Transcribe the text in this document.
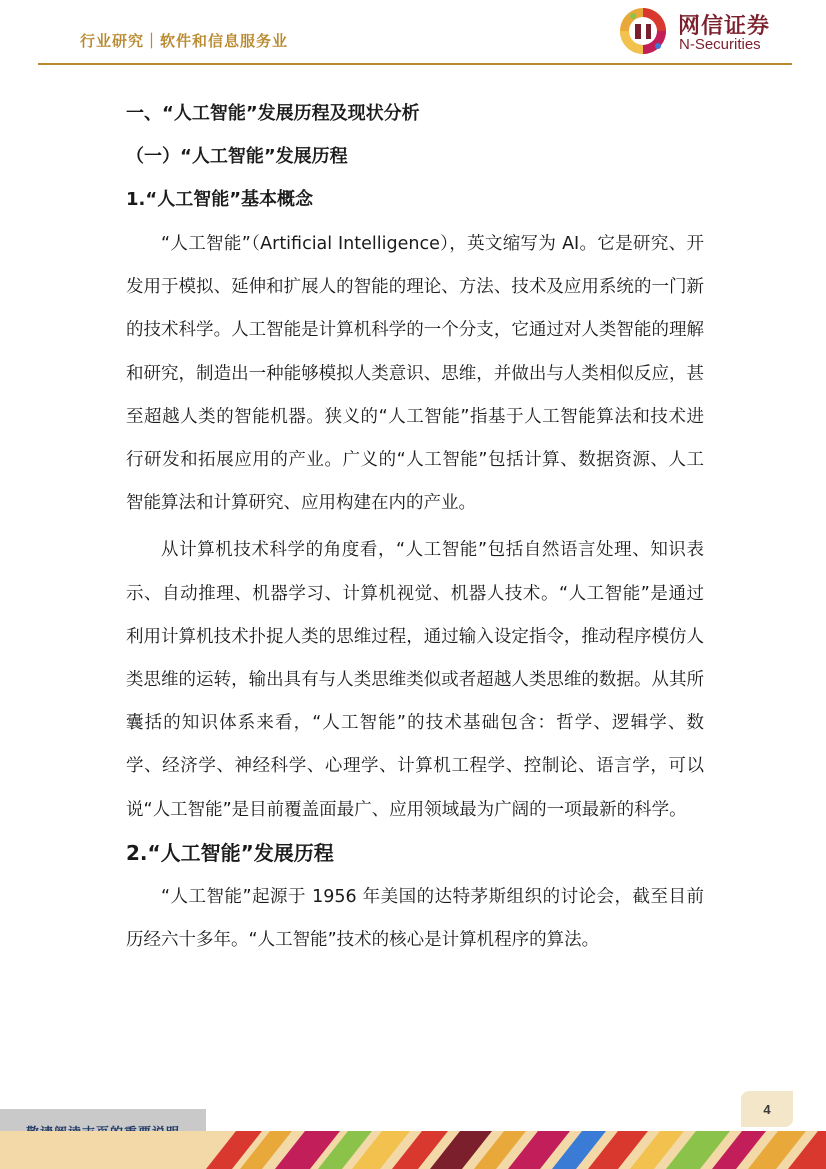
行业研究｜软件和信息服务业
网信证券
N-Securities
一、“人工智能”发展历程及现状分析
（一）“人工智能”发展历程
1.“人工智能”基本概念

“人工智能”（Artificial Intelligence），英文缩写为 AI。它是研究、开发用于模拟、延伸和扩展人的智能的理论、方法、技术及应用系统的一门新的技术科学。人工智能是计算机科学的一个分支，它通过对人类智能的理解和研究，制造出一种能够模拟人类意识、思维，并做出与人类相似反应，甚至超越人类的智能机器。狭义的“人工智能”指基于人工智能算法和技术进行研发和拓展应用的产业。广义的“人工智能”包括计算、数据资源、人工智能算法和计算研究、应用构建在内的产业。

从计算机技术科学的角度看，“人工智能”包括自然语言处理、知识表示、自动推理、机器学习、计算机视觉、机器人技术。“人工智能”是通过利用计算机技术扑捉人类的思维过程，通过输入设定指令，推动程序模仿人类思维的运转，输出具有与人类思维类似或者超越人类思维的数据。从其所囊括的知识体系来看，“人工智能”的技术基础包含：哲学、逻辑学、数学、经济学、神经科学、心理学、计算机工程学、控制论、语言学，可以说“人工智能”是目前覆盖面最广、应用领域最为广阔的一项最新的科学。

2.“人工智能”发展历程

“人工智能”起源于 1956 年美国的达特茅斯组织的讨论会，截至目前历经六十多年。“人工智能”技术的核心是计算机程序的算法。

4
